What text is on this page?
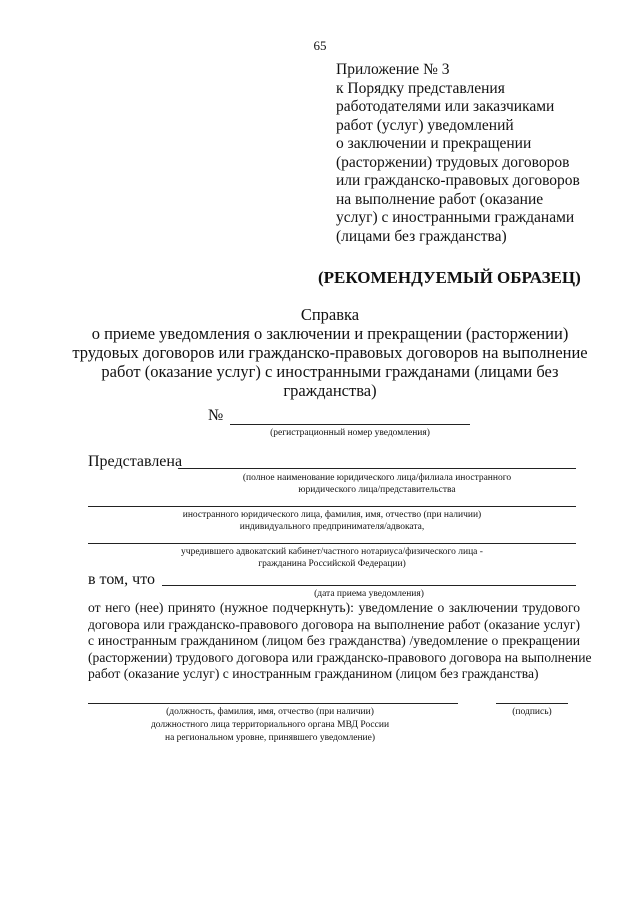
65
Приложение № 3
к Порядку представления
работодателями или заказчиками
работ (услуг) уведомлений
о заключении и прекращении
(расторжении) трудовых договоров
или гражданско-правовых договоров
на выполнение работ (оказание
услуг) с иностранными гражданами
(лицами без гражданства)
(РЕКОМЕНДУЕМЫЙ ОБРАЗЕЦ)
Справка
о приеме уведомления о заключении и прекращении (расторжении)
трудовых договоров или гражданско-правовых договоров на выполнение
работ (оказание услуг) с иностранными гражданами (лицами без
гражданства)
№
(регистрационный номер уведомления)
Представлена
(полное наименование юридического лица/филиала иностранного
юридического лица/представительства
иностранного юридического лица, фамилия, имя, отчество (при наличии)
индивидуального предпринимателя/адвоката,
учредившего адвокатский кабинет/частного нотариуса/физического лица -
гражданина Российской Федерации)
в том, что
(дата приема уведомления)
от него (нее) принято (нужное подчеркнуть): уведомление о заключении трудового
договора или гражданско-правового договора на выполнение работ (оказание услуг)
с иностранным гражданином (лицом без гражданства) /уведомление о прекращении
(расторжении) трудового договора или гражданско-правового договора на выполнение
работ (оказание услуг) с иностранным гражданином (лицом без гражданства)
(должность, фамилия, имя, отчество (при наличии)
должностного лица территориального органа МВД России
на региональном уровне, принявшего уведомление)
(подпись)
